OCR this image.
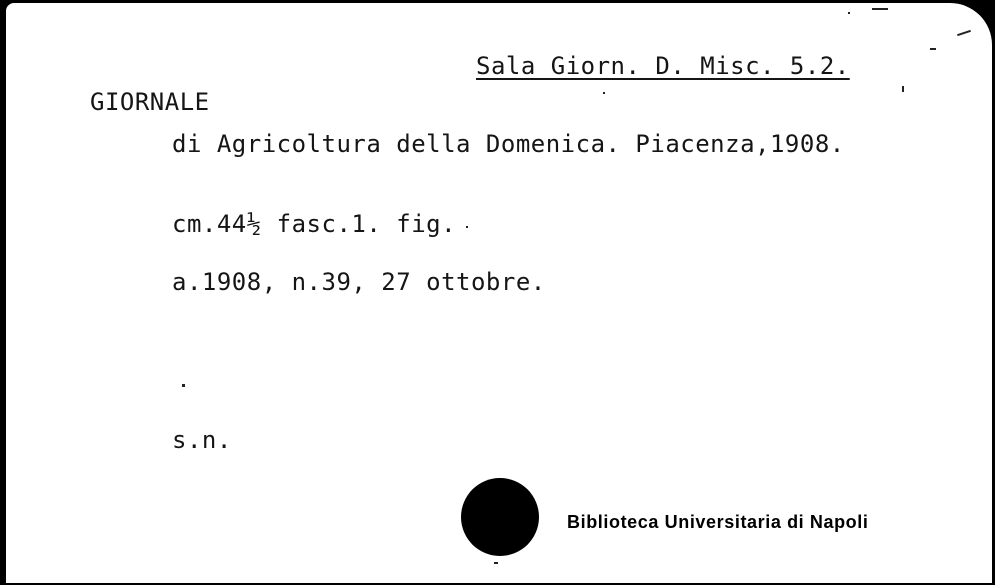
Sala Giorn. D. Misc. 5.2.
GIORNALE
di Agricoltura della Domenica. Piacenza,1908.
cm.44½ fasc.1. fig.
a.1908, n.39, 27 ottobre.
s.n.
Biblioteca Universitaria di Napoli
